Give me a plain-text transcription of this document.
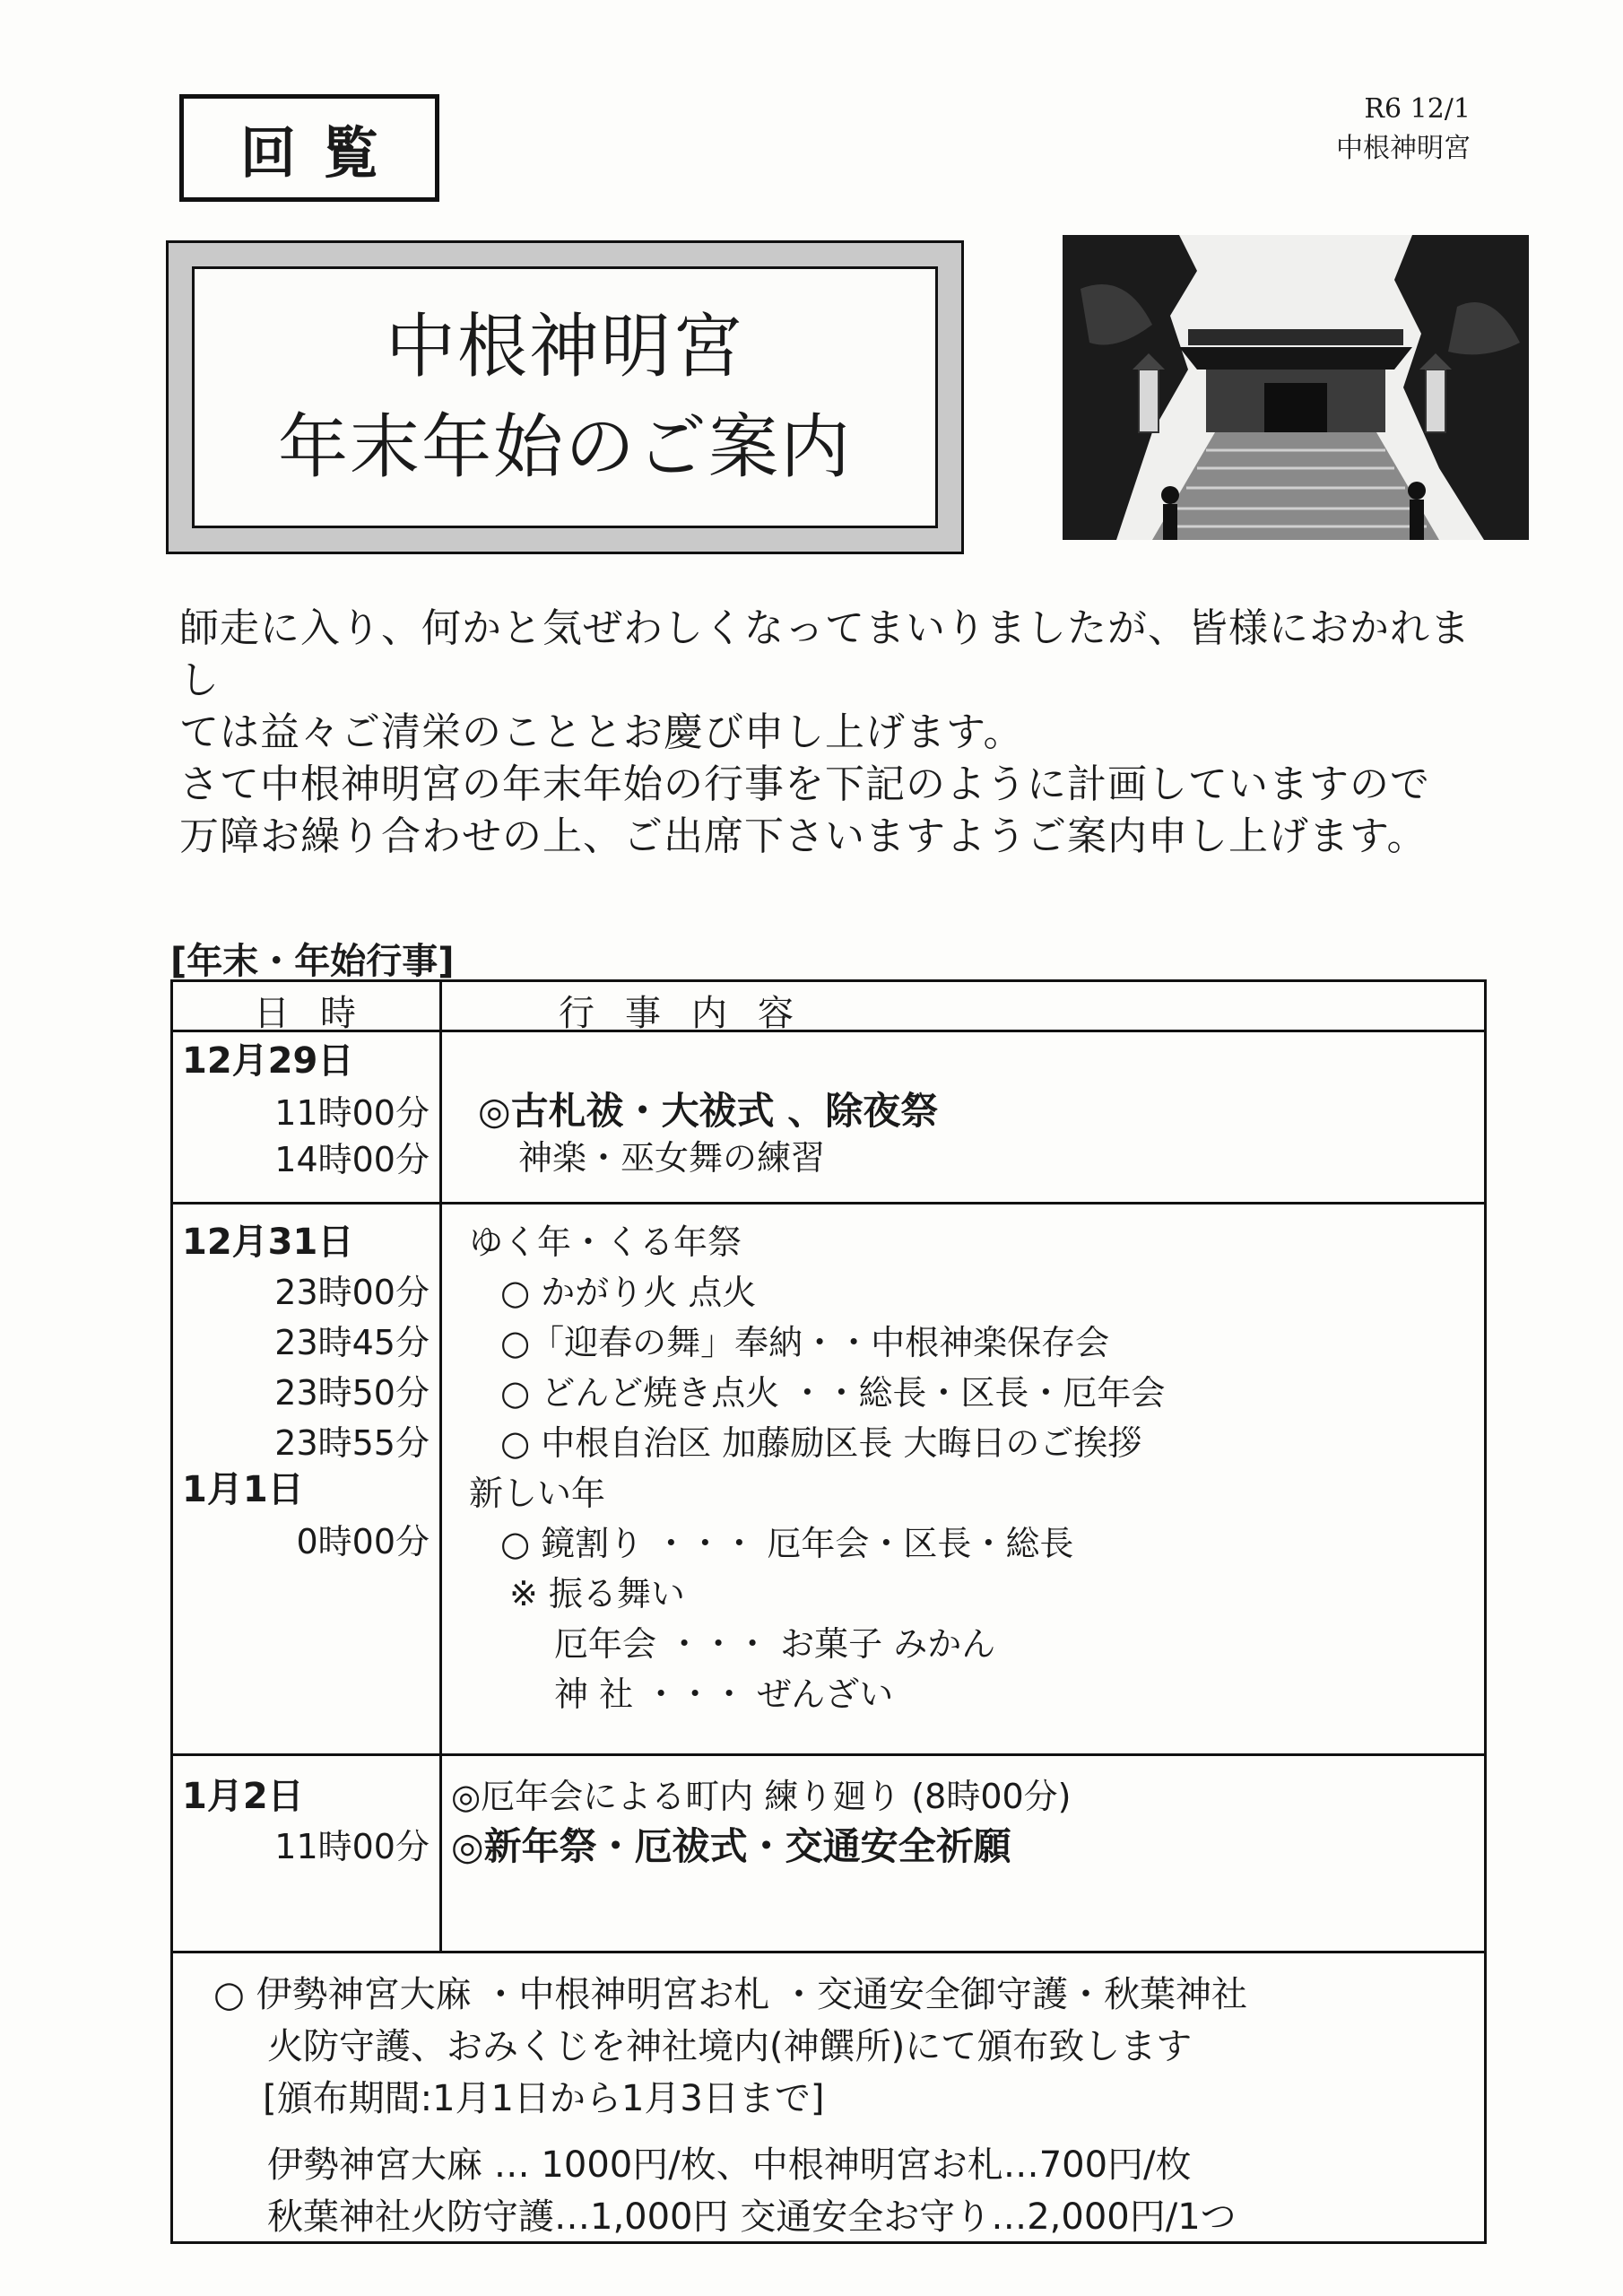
回覧
R6 12/1
中根神明宮
中根神明宮
年末年始のご案内

師走に入り、何かと気ぜわしくなってまいりましたが、皆様におかれまし

ては益々ご清栄のこととお慶び申し上げます。

さて中根神明宮の年末年始の行事を下記のように計画していますので

万障お繰り合わせの上、ご出席下さいますようご案内申し上げます。

[年末・年始行事]
日時	行事内容
12月29日
11時00分
14時00分
◎古札祓・大祓式 、除夜祭
神楽・巫女舞の練習
12月31日
23時00分
23時45分
23時50分
23時55分
1月1日
0時00分
ゆく年・くる年祭
○ かがり火 点火
○「迎春の舞」奉納・・中根神楽保存会
○ どんど焼き点火 ・・総長・区長・厄年会
○ 中根自治区 加藤励区長 大晦日のご挨拶
新しい年
○ 鏡割り ・・・ 厄年会・区長・総長
※ 振る舞い
厄年会 ・・・ お菓子 みかん
神 社 ・・・ ぜんざい
1月2日
11時00分
◎厄年会による町内 練り廻り (8時00分)
◎新年祭・厄祓式・交通安全祈願
○ 伊勢神宮大麻 ・中根神明宮お札 ・交通安全御守護・秋葉神社
火防守護、おみくじを神社境内(神饌所)にて頒布致します
[頒布期間:1月1日から1月3日まで]
伊勢神宮大麻 … 1000円/枚、中根神明宮お札…700円/枚
秋葉神社火防守護…1,000円 交通安全お守り…2,000円/1つ
